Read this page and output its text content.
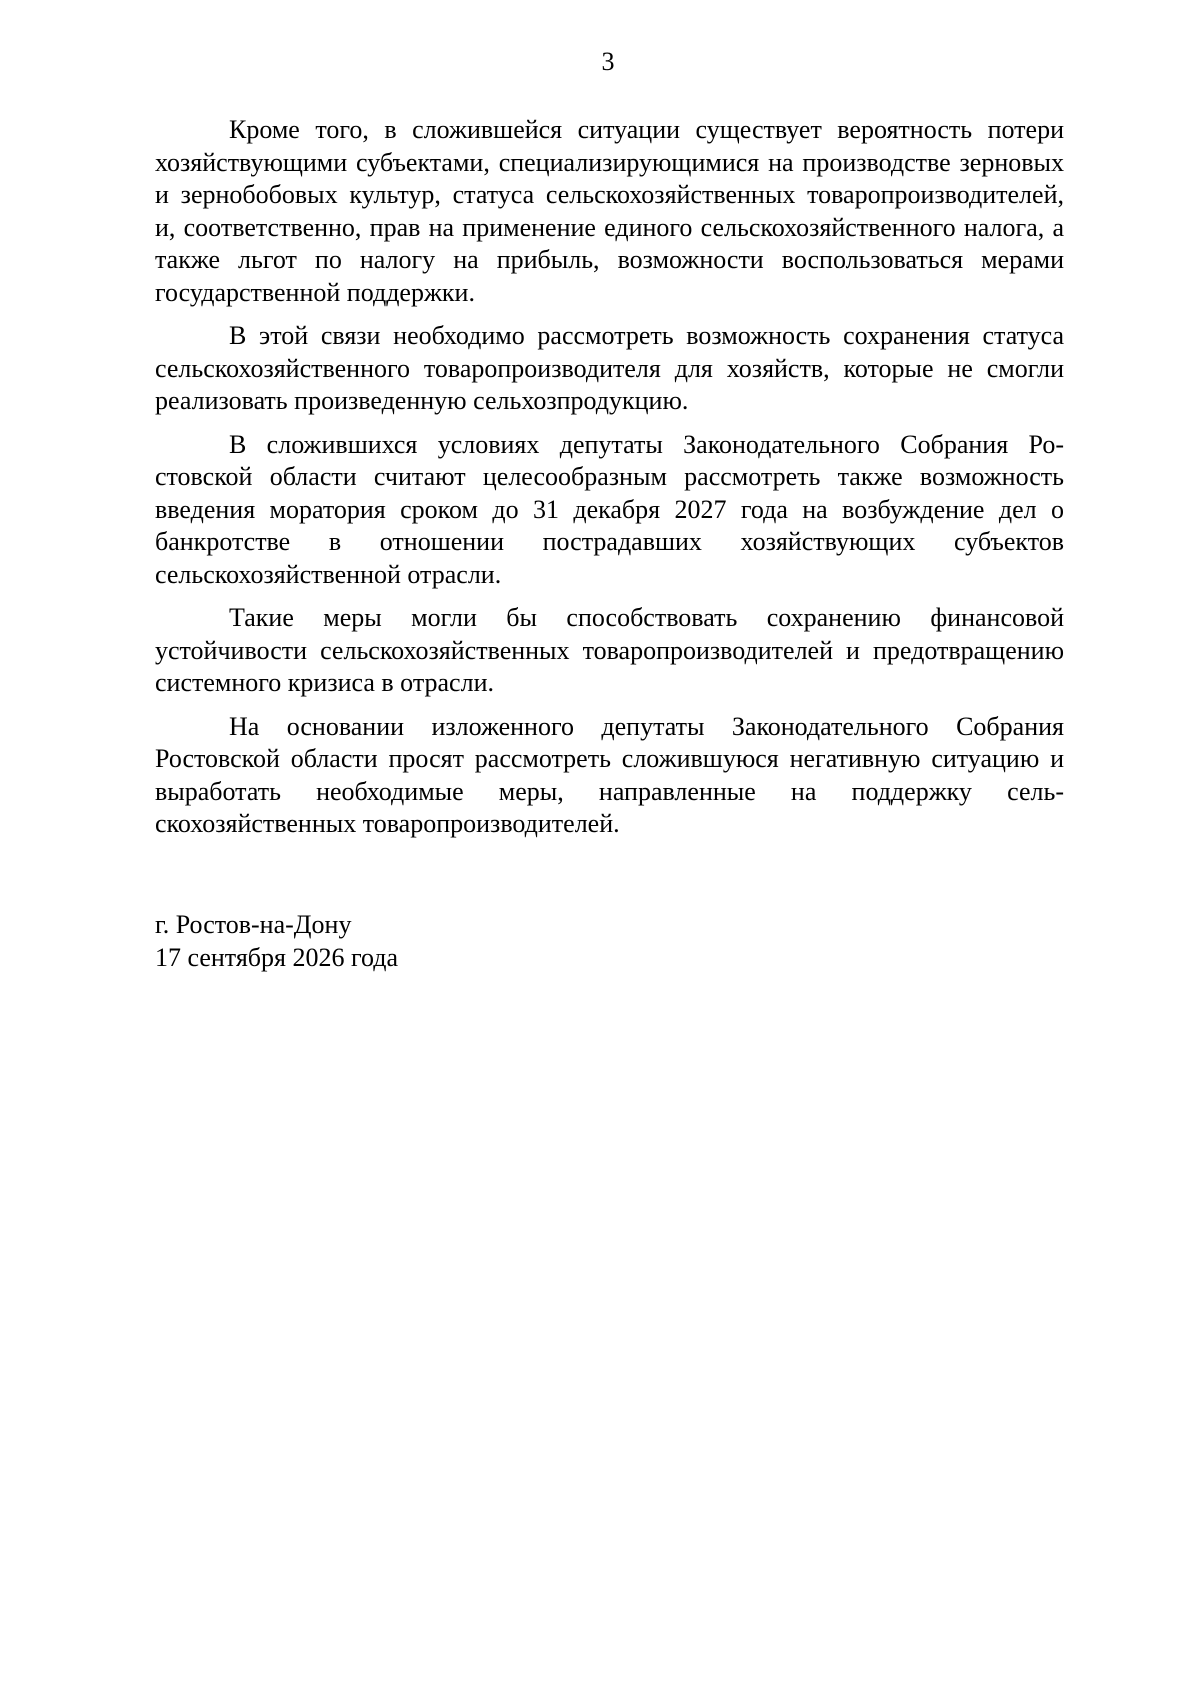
3

Кроме того, в сложившейся ситуации существует вероятность потери хозяйствующими субъектами, специализирующимися на производстве зерновых и зернобобовых культур, статуса сельскохозяйственных товаропроизводителей, и, соответственно, прав на применение единого сельскохозяйственного налога, а также льгот по налогу на прибыль, возможности воспользоваться мерами государственной поддержки.

В этой связи необходимо рассмотреть возможность сохранения статуса сельскохозяйственного товаропроизводителя для хозяйств, которые не смогли реализовать произведенную сельхозпродукцию.

В сложившихся условиях депутаты Законодательного Собрания Ростовской области считают целесообразным рассмотреть также возможность введения моратория сроком до 31 декабря 2027 года на возбуждение дел о банкротстве в отношении пострадавших хозяйствующих субъектов сельскохозяйственной отрасли.

Такие меры могли бы способствовать сохранению финансовой устойчивости сельскохозяйственных товаропроизводителей и предотвращению системного кризиса в отрасли.

На основании изложенного депутаты Законодательного Собрания Ростовской области просят рассмотреть сложившуюся негативную ситуацию и выработать необходимые меры, направленные на поддержку сельскохозяйственных товаропроизводителей.

г. Ростов-на-Дону
17 сентября 2026 года
